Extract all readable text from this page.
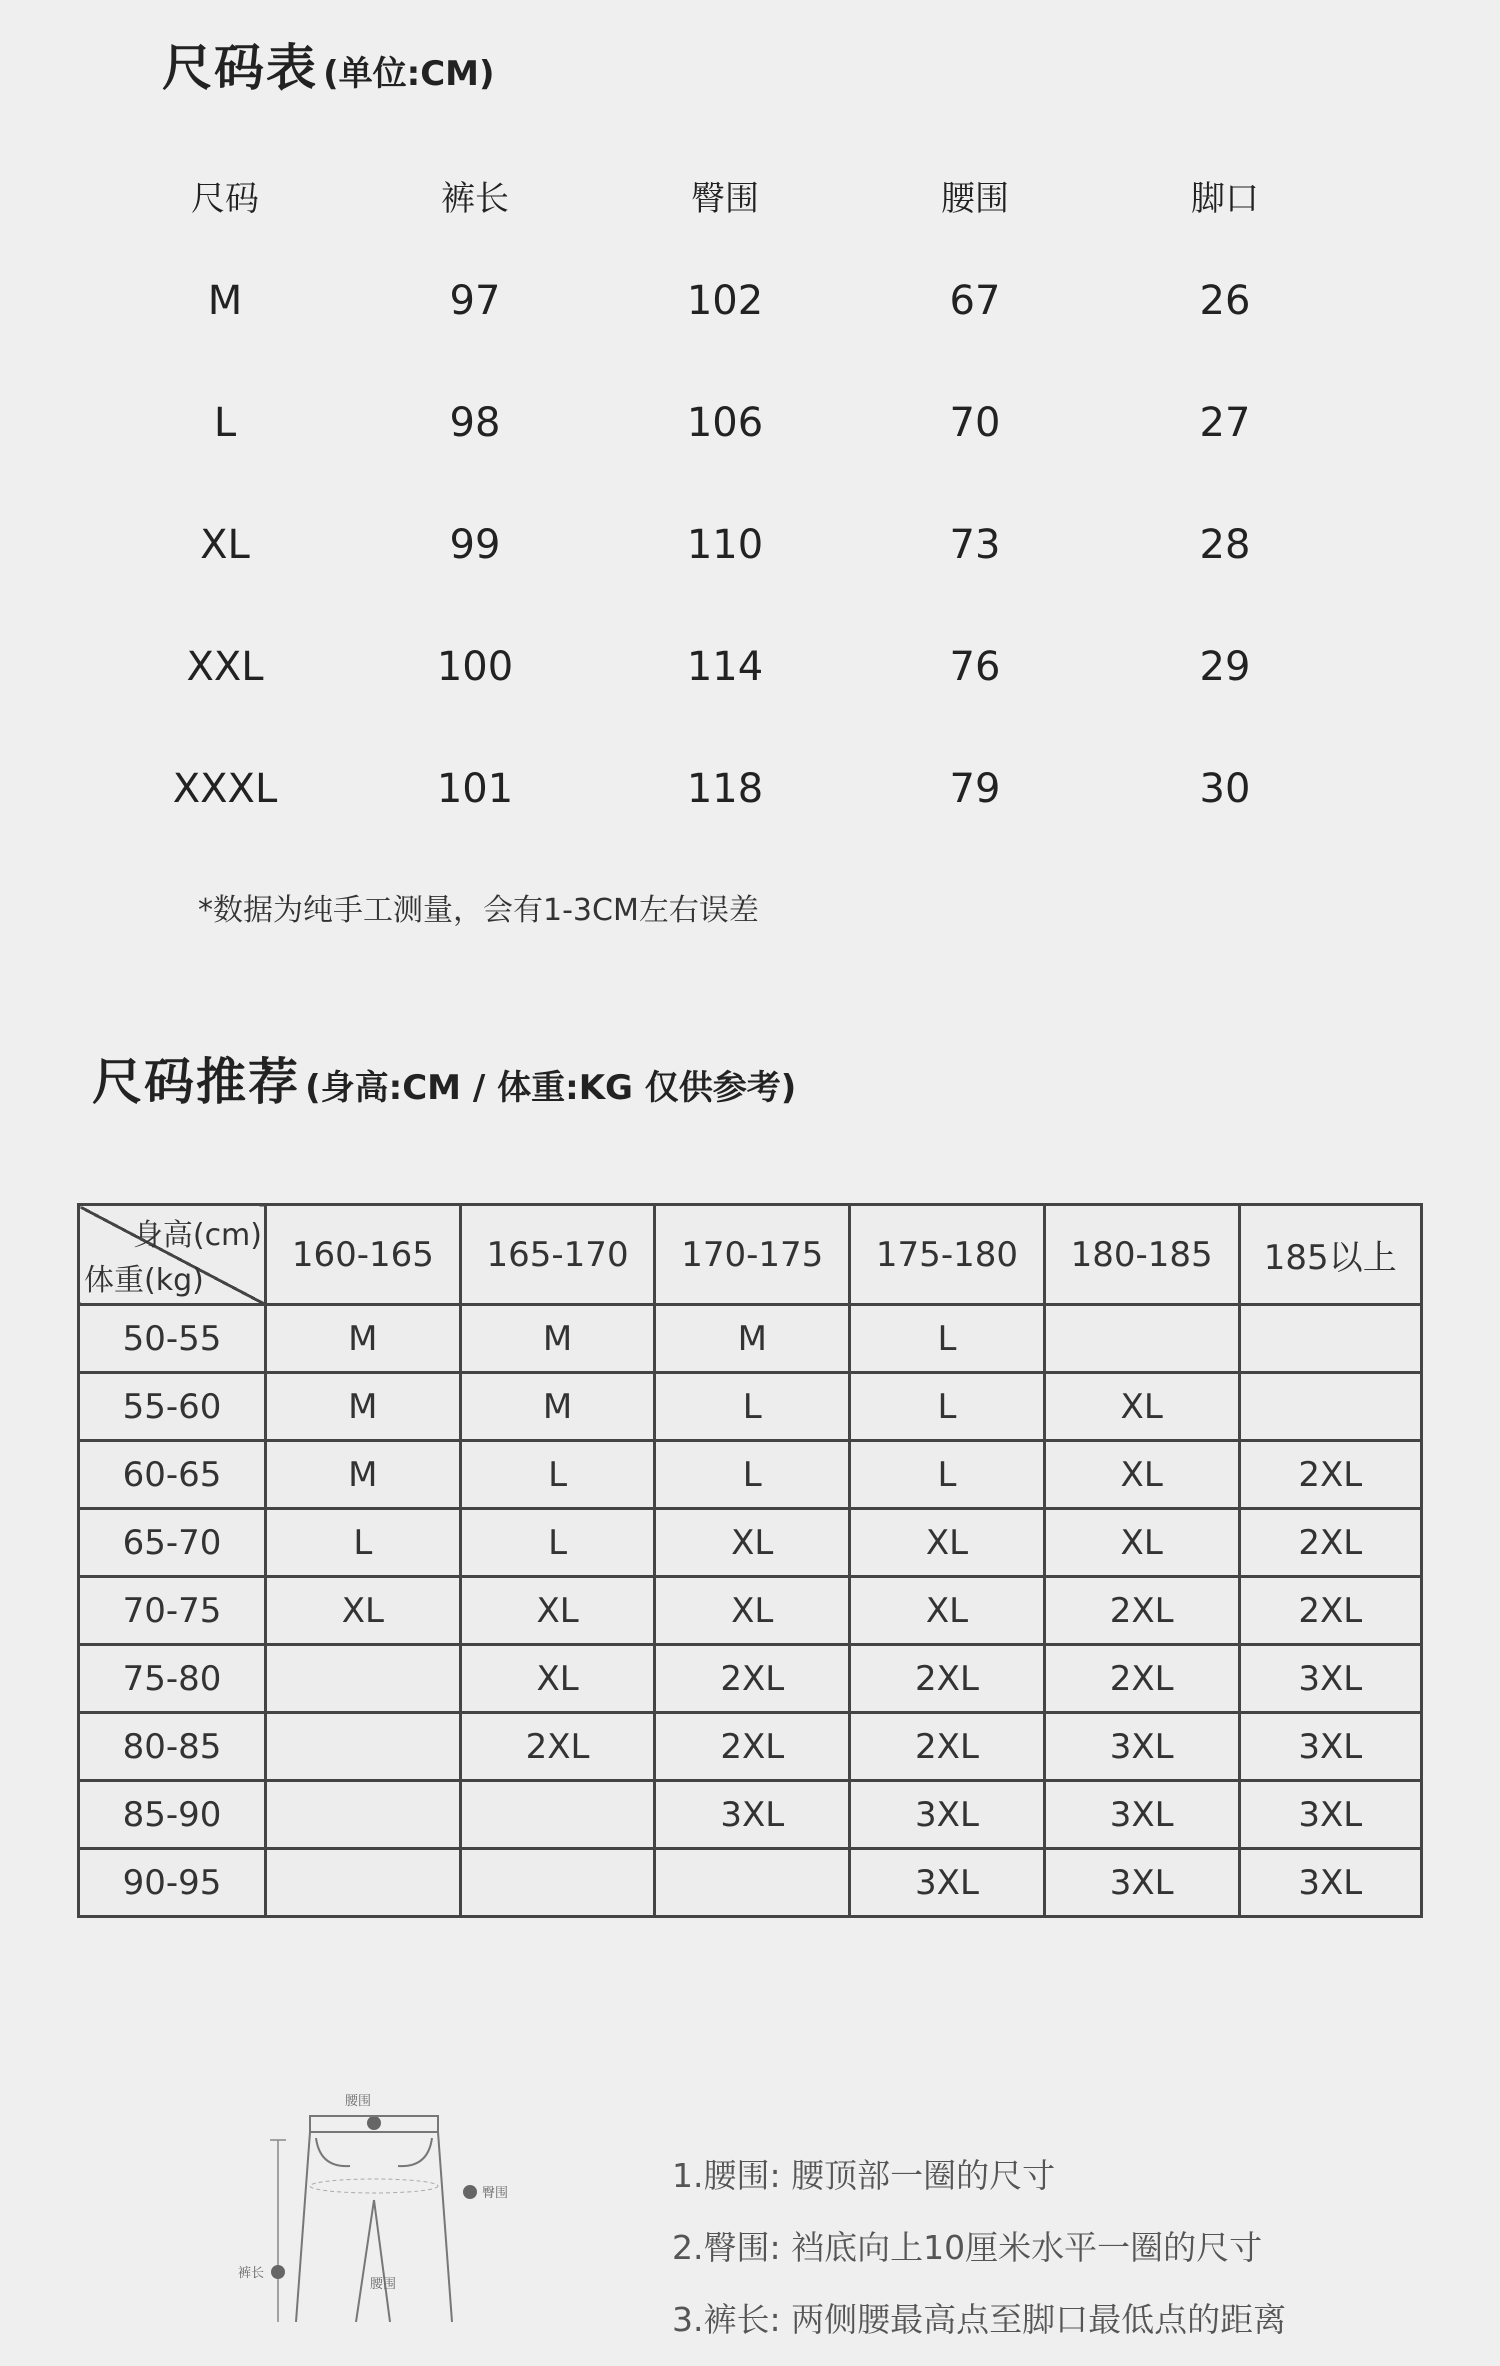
尺码表 (单位:CM)
尺码	裤长	臀围	腰围	脚口
M	97	102	67	26
L	98	106	70	27
XL	99	110	73	28
XXL	100	114	76	29
XXXL	101	118	79	30
*数据为纯手工测量，会有1-3CM左右误差
尺码推荐 (身高:CM / 体重:KG 仅供参考)
身高(cm)
体重(kg)	160-165	165-170	170-175	175-180	180-185	185以上
50-55	M	M	M	L		
55-60	M	M	L	L	XL	
60-65	M	L	L	L	XL	2XL
65-70	L	L	XL	XL	XL	2XL
70-75	XL	XL	XL	XL	2XL	2XL
75-80		XL	2XL	2XL	2XL	3XL
80-85		2XL	2XL	2XL	3XL	3XL
85-90			3XL	3XL	3XL	3XL
90-95				3XL	3XL	3XL
腰围
臀围
裤长
腰围
1.腰围: 腰顶部一圈的尺寸
2.臀围: 裆底向上10厘米水平一圈的尺寸
3.裤长: 两侧腰最高点至脚口最低点的距离
